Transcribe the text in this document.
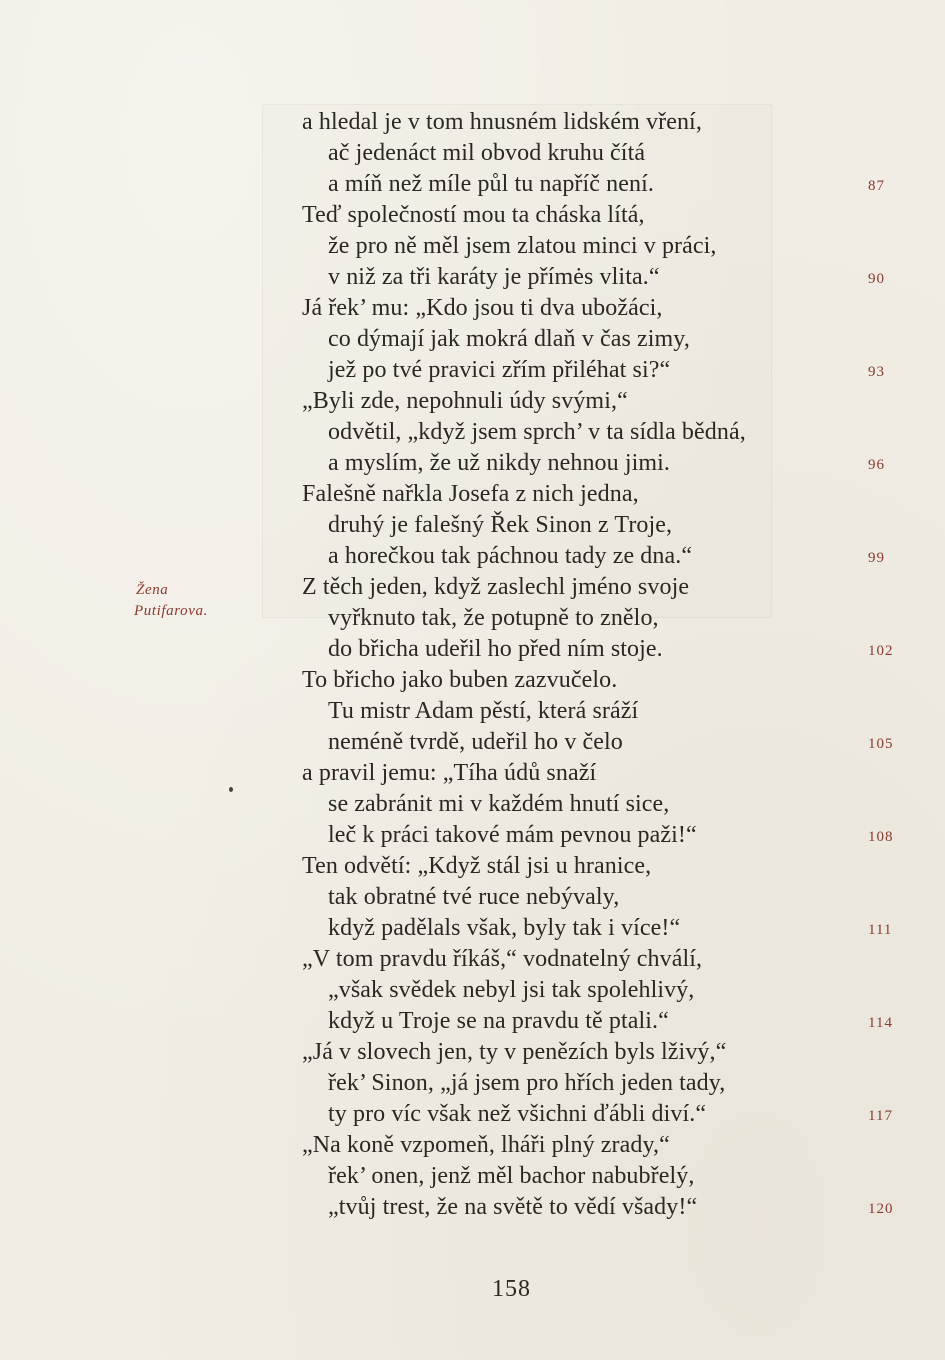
Žena
Putifarova.
a hledal je v tom hnusném lidském vření,
ač jedenáct mil obvod kruhu čítá
a míň než míle půl tu napříč není.	87
Teď společností mou ta cháska lítá,
že pro ně měl jsem zlatou minci v práci,
v niž za tři karáty je přímės vlita.“	90
Já řek’ mu: „Kdo jsou ti dva ubožáci,
co dýmají jak mokrá dlaň v čas zimy,
jež po tvé pravici zřím přiléhat si?“	93
„Byli zde, nepohnuli údy svými,“
odvětil, „když jsem sprch’ v ta sídla bědná,
a myslím, že už nikdy nehnou jimi.	96
Falešně nařkla Josefa z nich jedna,
druhý je falešný Řek Sinon z Troje,
a horečkou tak páchnou tady ze dna.“	99
Z těch jeden, když zaslechl jméno svoje
vyřknuto tak, že potupně to znělo,
do břicha udeřil ho před ním stoje.	102
To břicho jako buben zazvučelo.
Tu mistr Adam pěstí, která sráží
neméně tvrdě, udeřil ho v čelo	105
a pravil jemu: „Tíha údů snaží
se zabránit mi v každém hnutí sice,
leč k práci takové mám pevnou paži!“	108
Ten odvětí: „Když stál jsi u hranice,
tak obratné tvé ruce nebývaly,
když padělals však, byly tak i více!“	111
„V tom pravdu říkáš,“ vodnatelný chválí,
„však svědek nebyl jsi tak spolehlivý,
když u Troje se na pravdu tě ptali.“	114
„Já v slovech jen, ty v penězích byls lživý,“
řek’ Sinon, „já jsem pro hřích jeden tady,
ty pro víc však než všichni ďábli diví.“	117
„Na koně vzpomeň, lháři plný zrady,“
řek’ onen, jenž měl bachor nabubřelý,
„tvůj trest, že na světě to vědí všady!“	120
158
